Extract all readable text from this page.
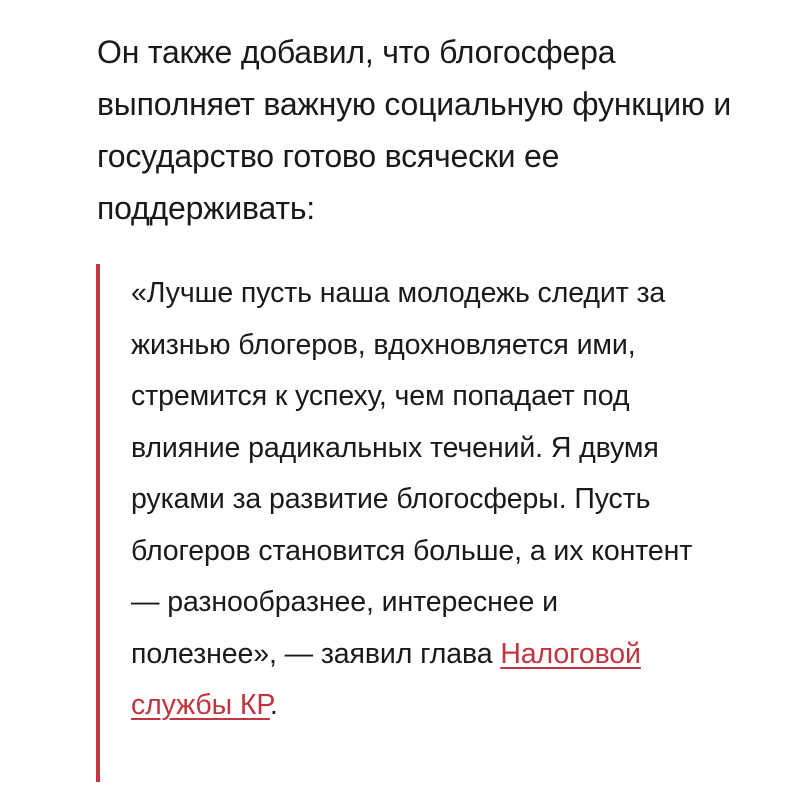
Он также добавил, что блогосфера выполняет важную социальную функцию и государство готово всячески ее поддерживать:

«Лучше пусть наша молодежь следит за жизнью блогеров, вдохновляется ими, стремится к успеху, чем попадает под влияние радикальных течений. Я двумя руками за развитие блогосферы. Пусть блогеров становится больше, а их контент — разнообразнее, интереснее и полезнее», — заявил глава Налоговой службы КР.
